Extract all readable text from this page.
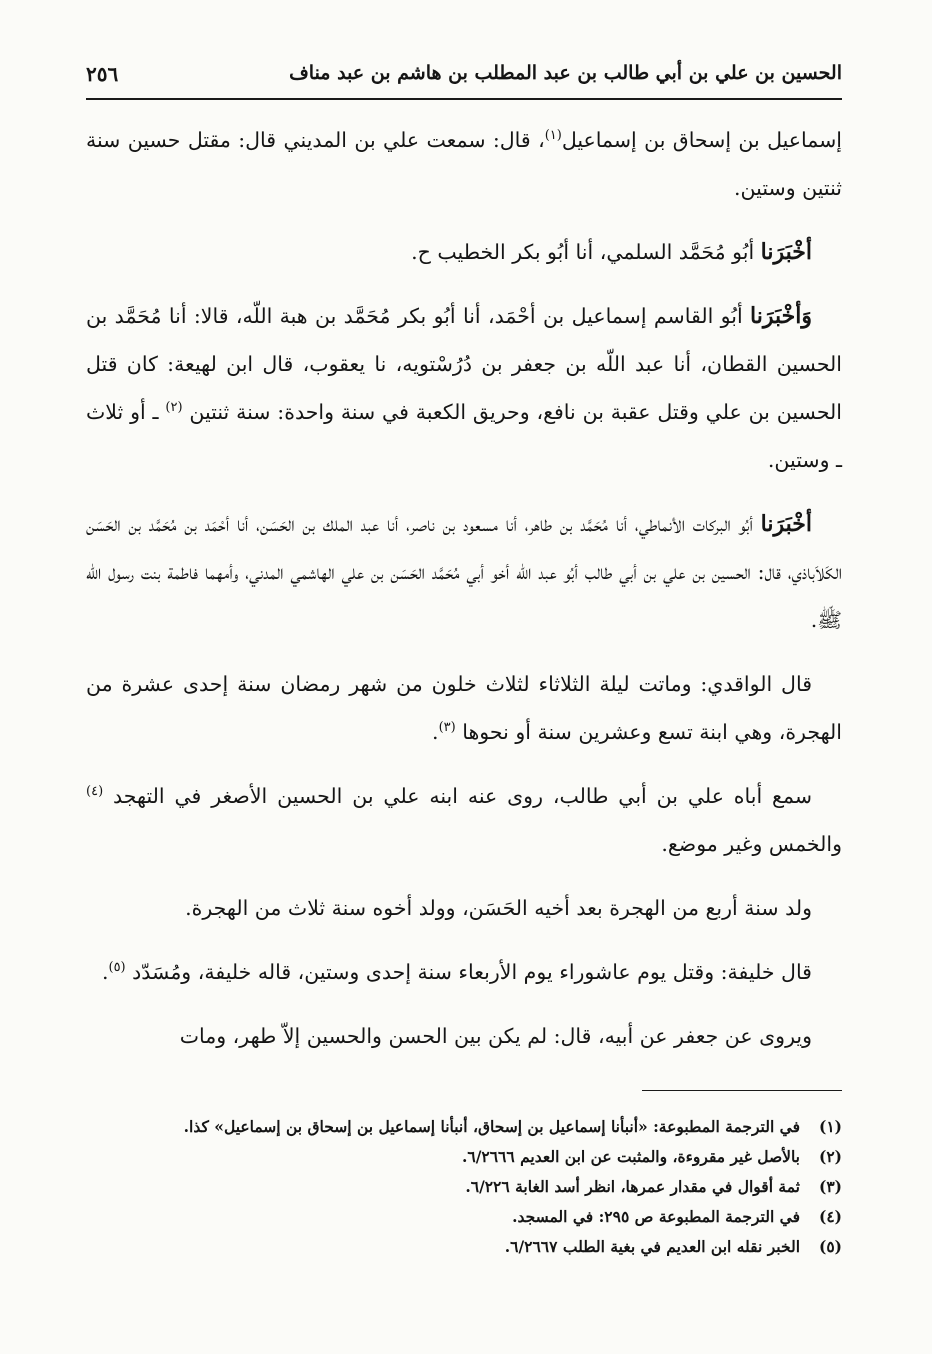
الحسين بن علي بن أبي طالب بن عبد المطلب بن هاشم بن عبد مناف
٢٥٦

إسماعيل بن إسحاق بن إسماعيل$^{(١)}$، قال: سمعت علي بن المديني قال: مقتل حسين سنة ثنتين وستين.

أخْبَرَنا أبُو مُحَمَّد السلمي، أنا أبُو بكر الخطيب ح.

وَأخْبَرَنا أبُو القاسم إسماعيل بن أحْمَد، أنا أبُو بكر مُحَمَّد بن هبة اللّه، قالا: أنا مُحَمَّد بن الحسين القطان، أنا عبد اللّه بن جعفر بن دُرُسْتويه، نا يعقوب، قال ابن لهيعة: كان قتل الحسين بن علي وقتل عقبة بن نافع، وحريق الكعبة في سنة واحدة: سنة ثنتين $^{(٢)}$ ـ أو ثلاث ـ وستين.

أخْبَرَنا أبُو البركات الأنماطي، أنا مُحَمَّد بن طاهر، أنا مسعود بن ناصر، أنا عبد الملك بن الحَسَن، أنا أحْمَد بن مُحَمَّد بن الحَسَن الكَلاَباذي، قال: الحسين بن علي بن أبي طالب أبُو عبد اللّه أخو أبي مُحَمَّد الحَسَن بن علي الهاشمي المدني، وأمهما فاطمة بنت رسول اللّه ﷺ.

قال الواقدي: وماتت ليلة الثلاثاء لثلاث خلون من شهر رمضان سنة إحدى عشرة من الهجرة، وهي ابنة تسع وعشرين سنة أو نحوها $^{(٣)}$.

سمع أباه علي بن أبي طالب، روى عنه ابنه علي بن الحسين الأصغر في التهجد $^{(٤)}$ والخمس وغير موضع.

ولد سنة أربع من الهجرة بعد أخيه الحَسَن، وولد أخوه سنة ثلاث من الهجرة.

قال خليفة: وقتل يوم عاشوراء يوم الأربعاء سنة إحدى وستين، قاله خليفة، ومُسَدّد $^{(٥)}$.

ويروى عن جعفر عن أبيه، قال: لم يكن بين الحسن والحسين إلاّ طهر، ومات

(١)
في الترجمة المطبوعة: «أنبأنا إسماعيل بن إسحاق، أنبأنا إسماعيل بن إسحاق بن إسماعيل» كذا.
(٢)
بالأصل غير مقروءة، والمثبت عن ابن العديم ٦/٢٦٦٦.
(٣)
ثمة أقوال في مقدار عمرها، انظر أسد الغابة ٦/٢٢٦.
(٤)
في الترجمة المطبوعة ص ٢٩٥: في المسجد.
(٥)
الخبر نقله ابن العديم في بغية الطلب ٦/٢٦٦٧.
